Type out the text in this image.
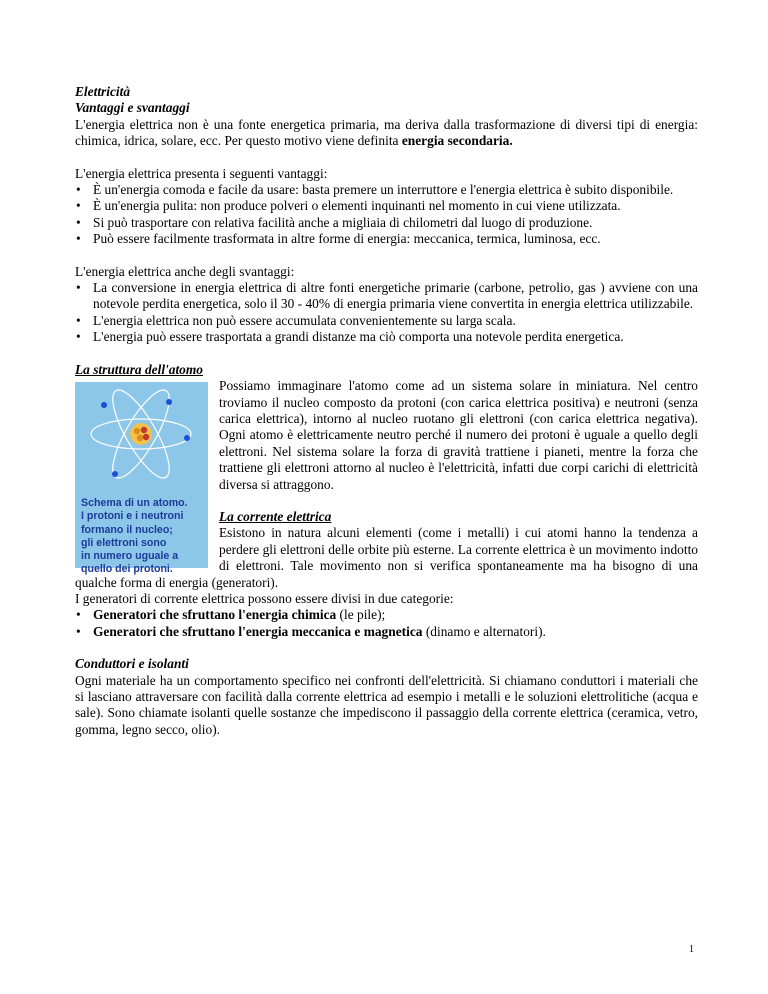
Elettricità

Vantaggi e svantaggi

L'energia elettrica non è una fonte energetica primaria, ma deriva dalla trasformazione di diversi tipi di energia: chimica, idrica, solare, ecc. Per questo motivo viene definita energia secondaria.

L'energia elettrica presenta i seguenti vantaggi:

• È un'energia comoda e facile da usare: basta premere un interruttore e l'energia elettrica è subito disponibile.
• È un'energia pulita: non produce polveri o elementi inquinanti nel momento in cui viene utilizzata.
• Si può trasportare con relativa facilità anche a migliaia di chilometri dal luogo di produzione.
• Può essere facilmente trasformata in altre forme di energia: meccanica, termica, luminosa, ecc.

L'energia elettrica anche degli svantaggi:

• La conversione in energia elettrica di altre fonti energetiche primarie (carbone, petrolio, gas ) avviene con una notevole perdita energetica, solo il 30 - 40% di energia primaria viene convertita in energia elettrica utilizzabile.
• L'energia elettrica non può essere accumulata convenientemente su larga scala.
• L'energia può essere trasportata a grandi distanze ma ciò comporta una notevole perdita energetica.

La struttura dell'atomo

Schema di un atomo.
I protoni e i neutroni
formano il nucleo;
gli elettroni sono
in numero uguale a
quello dei protoni.

Possiamo immaginare l'atomo come ad un sistema solare in miniatura. Nel centro troviamo il nucleo composto da protoni (con carica elettrica positiva) e neutroni (senza carica elettrica), intorno al nucleo ruotano gli elettroni (con carica elettrica negativa). Ogni atomo è elettricamente neutro perché il numero dei protoni è uguale a quello degli elettroni. Nel sistema solare la forza di gravità trattiene i pianeti, mentre la forza che trattiene gli elettroni attorno al nucleo è l'elettricità, infatti due corpi carichi di elettricità diversa si attraggono.

La corrente elettrica

Esistono in natura alcuni elementi (come i metalli) i cui atomi hanno la tendenza a perdere gli elettroni delle orbite più esterne. La corrente elettrica è un movimento indotto di elettroni. Tale movimento non si verifica spontaneamente ma ha bisogno di una qualche forma di energia (generatori).

I generatori di corrente elettrica possono essere divisi in due categorie:

• Generatori che sfruttano l'energia chimica (le pile);
• Generatori che sfruttano l'energia meccanica e magnetica (dinamo e alternatori).

Conduttori e isolanti

Ogni materiale ha un comportamento specifico nei confronti dell'elettricità. Si chiamano conduttori i materiali che si lasciano attraversare con facilità dalla corrente elettrica ad esempio i metalli e le soluzioni elettrolitiche (acqua e sale). Sono chiamate isolanti quelle sostanze che impediscono il passaggio della corrente elettrica (ceramica, vetro, gomma, legno secco, olio).

1
